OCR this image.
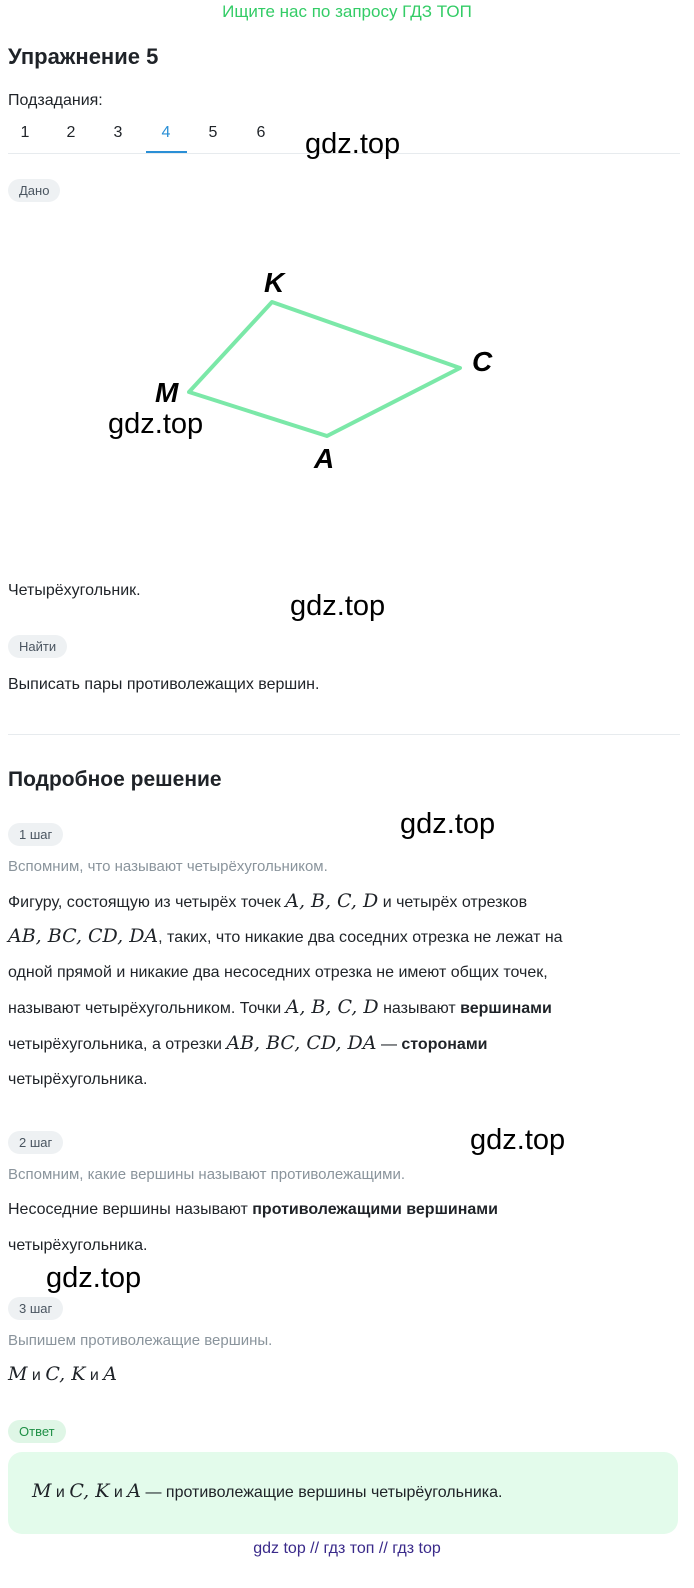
Ищите нас по запросу ГДЗ ТОП
Упражнение 5
Подзадания:
1	2	3	4	5	6	gdz.top
Дано
K
C
A
M
gdz.top
Четырёхугольник.	gdz.top
Найти
Выписать пары противолежащих вершин.
Подробное решение
1 шаг	gdz.top
Вспомним, что называют четырёхугольником.
Фигуру, состоящую из четырёх точек A, B, C, D и четырёх отрезков
AB, BC, CD, DA, таких, что никакие два соседних отрезка не лежат на
одной прямой и никакие два несоседних отрезка не имеют общих точек,
называют четырёхугольником. Точки A, B, C, D называют вершинами
четырёхугольника, а отрезки AB, BC, CD, DA — сторонами
четырёхугольника.
2 шаг	gdz.top
Вспомним, какие вершины называют противолежащими.
Несоседние вершины называют противолежащими вершинами
четырёхугольника.
gdz.top
3 шаг
Выпишем противолежащие вершины.
M и C, K и A
Ответ
M и C, K и A — противолежащие вершины четырёугольника.
gdz top // гдз топ // гдз top
